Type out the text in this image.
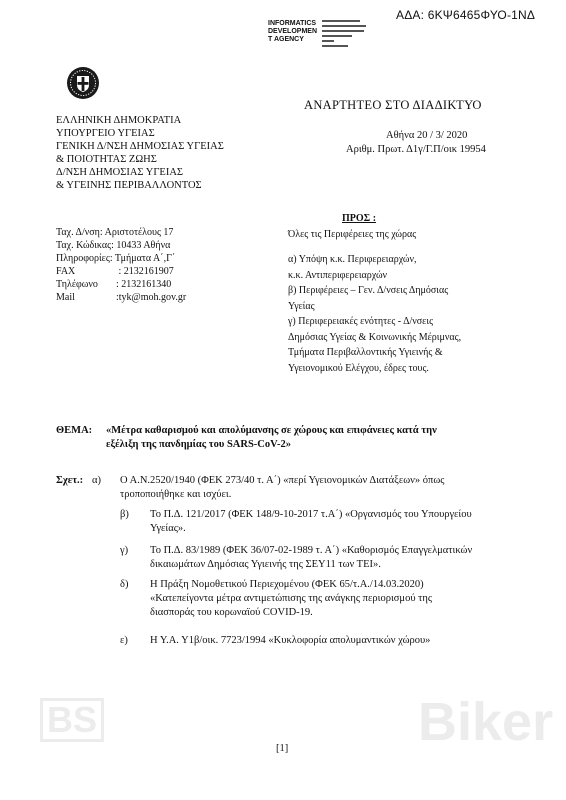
ΑΔΑ: 6ΚΨ6465ΦΥΟ-1ΝΔ
INFORMATICS
DEVELOPMEN
T AGENCY
ΕΛΛΗΝΙΚΗ ΔΗΜΟΚΡΑΤΙΑ
ΥΠΟΥΡΓΕΙΟ ΥΓΕΙΑΣ
ΓΕΝΙΚΗ Δ/ΝΣΗ ΔΗΜΟΣΙΑΣ ΥΓΕΙΑΣ
& ΠΟΙΟΤΗΤΑΣ ΖΩΗΣ
Δ/ΝΣΗ ΔΗΜΟΣΙΑΣ ΥΓΕΙΑΣ
& ΥΓΕΙΝΗΣ ΠΕΡΙΒΑΛΛΟΝΤΟΣ
ΑΝΑΡΤΗΤΕΟ ΣΤΟ ΔΙΑΔΙΚΤΥΟ
Αθήνα 20 / 3/ 2020
Αριθμ. Πρωτ. Δ1γ/Γ.Π/οικ 19954
Ταχ. Δ/νση: Αριστοτέλους 17
Ταχ. Κώδικας: 10433 Αθήνα
Πληροφορίες: Τμήματα Α΄,Γ΄
FAX	: 2132161907
Τηλέφωνο : 2132161340
Mail	:tyk@moh.gov.gr
ΠΡΟΣ :
Όλες τις Περιφέρειες της χώρας
α) Υπόψη κ.κ. Περιφερειαρχών,
κ.κ. Αντιπεριφερειαρχών
β) Περιφέρειες – Γεν. Δ/νσεις Δημόσιας
Υγείας
γ) Περιφερειακές ενότητες - Δ/νσεις
Δημόσιας Υγείας & Κοινωνικής Μέριμνας,
Τμήματα Περιβαλλοντικής Υγιεινής &
Υγειονομικού Ελέγχου, έδρες τους.
ΘΕΜΑ: «Μέτρα καθαρισμού και απολύμανσης σε χώρους και επιφάνειες κατά την
εξέλιξη της πανδημίας του SARS-CoV-2»
Σχετ.: α) Ο Α.Ν.2520/1940 (ΦΕΚ 273/40 τ. Α΄) «περί Υγειονομικών Διατάξεων» όπως
τροποποιήθηκε και ισχύει.
β) Το Π.Δ. 121/2017 (ΦΕΚ 148/9-10-2017 τ.Α΄) «Οργανισμός του Υπουργείου
Υγείας».
γ) Το Π.Δ. 83/1989 (ΦΕΚ 36/07-02-1989 τ. Α΄) «Καθορισμός Επαγγελματικών
δικαιωμάτων Δημόσιας Υγιεινής της ΣΕΥ11 των ΤΕΙ».
δ) Η Πράξη Νομοθετικού Περιεχομένου (ΦΕΚ 65/τ.Α./14.03.2020)
«Κατεπείγοντα μέτρα αντιμετώπισης της ανάγκης περιορισμού της
διασποράς του κορωναϊού COVID-19.
ε) Η Υ.Α. Υ1β/οικ. 7723/1994 «Κυκλοφορία απολυμαντικών χώρου»
BS	Biker
[1]
